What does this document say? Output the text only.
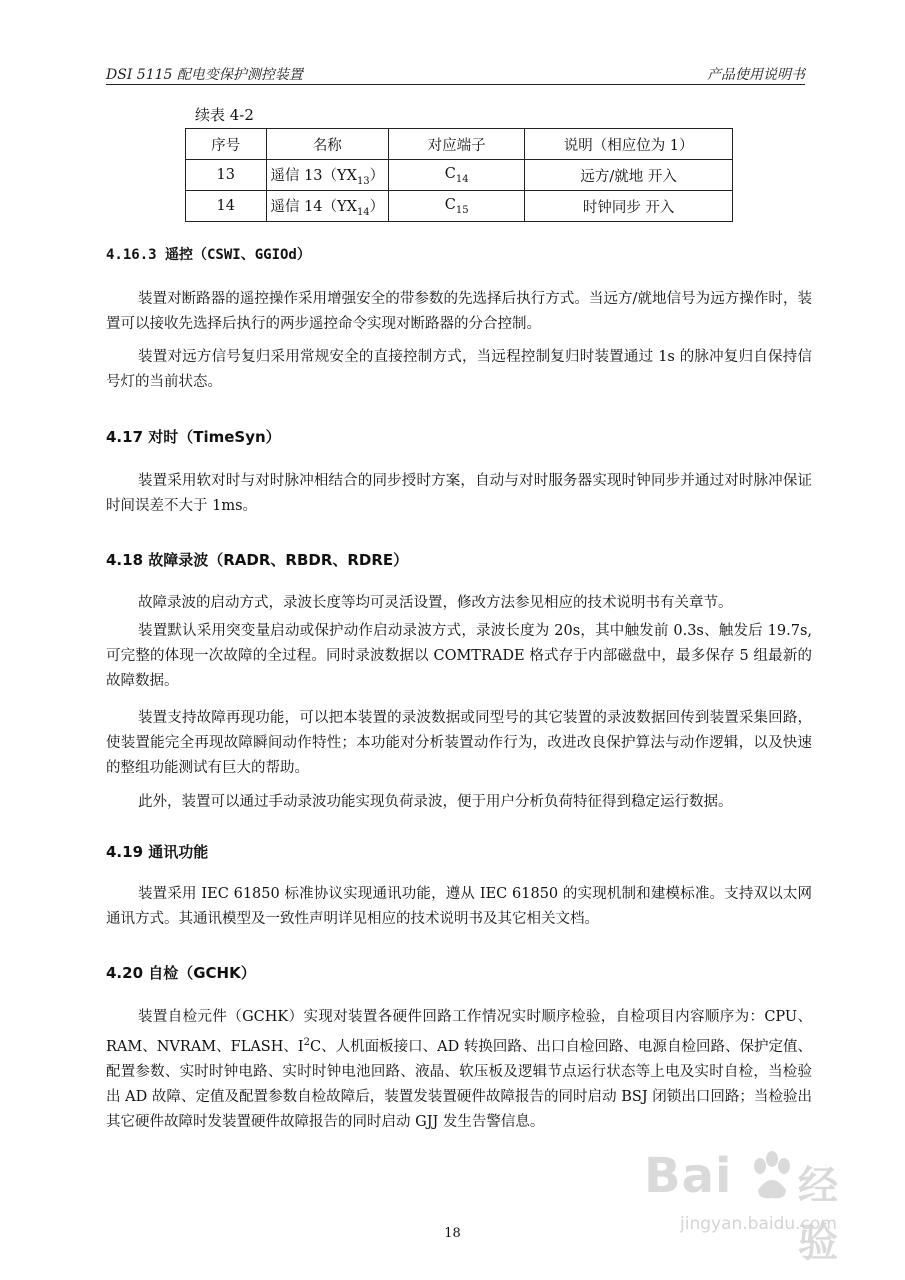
DSI 5115 配电变保护测控装置	产品使用说明书
续表 4-2
序号	名称	对应端子	说明（相应位为 1）
13	遥信 $13(YX_{13})$	$C_{14}$	远方/就地 开入
14	遥信 $14(YX_{14})$	$C_{15}$	时钟同步 开入
4.16.3 遥控（CSWI、GGIOd）

装置对断路器的遥控操作采用增强安全的带参数的先选择后执行方式。当远方/就地信号为远方操作时，装置可以接收先选择后执行的两步遥控命令实现对断路器的分合控制。

装置对远方信号复归采用常规安全的直接控制方式，当远程控制复归时装置通过 1s 的脉冲复归自保持信号灯的当前状态。

4.17 对时（TimeSyn）

装置采用软对时与对时脉冲相结合的同步授时方案，自动与对时服务器实现时钟同步并通过对时脉冲保证时间误差不大于 1ms。

4.18 故障录波（RADR、RBDR、RDRE）

故障录波的启动方式，录波长度等均可灵活设置，修改方法参见相应的技术说明书有关章节。

装置默认采用突变量启动或保护动作启动录波方式，录波长度为 20s，其中触发前 0.3s、触发后 19.7s,可完整的体现一次故障的全过程。同时录波数据以 COMTRADE 格式存于内部磁盘中，最多保存 5 组最新的故障数据。

装置支持故障再现功能，可以把本装置的录波数据或同型号的其它装置的录波数据回传到装置采集回路，使装置能完全再现故障瞬间动作特性；本功能对分析装置动作行为，改进改良保护算法与动作逻辑，以及快速的整组功能测试有巨大的帮助。

此外，装置可以通过手动录波功能实现负荷录波，便于用户分析负荷特征得到稳定运行数据。

4.19 通讯功能

装置采用 IEC 61850 标准协议实现通讯功能，遵从 IEC 61850 的实现机制和建模标准。支持双以太网通讯方式。其通讯模型及一致性声明详见相应的技术说明书及其它相关文档。

4.20 自检（GCHK）

装置自检元件（GCHK）实现对装置各硬件回路工作情况实时顺序检验，自检项目内容顺序为：CPU、RAM、NVRAM、FLASH、$I^2C$、人机面板接口、AD 转换回路、出口自检回路、电源自检回路、保护定值、配置参数、实时时钟电路、实时时钟电池回路、液晶、软压板及逻辑节点运行状态等上电及实时自检，当检验出 AD 故障、定值及配置参数自检故障后，装置发装置硬件故障报告的同时启动 BSJ 闭锁出口回路；当检验出其它硬件故障时发装置硬件故障报告的同时启动 GJJ 发生告警信息。

18
Bai 经验
jingyan.baidu.com
